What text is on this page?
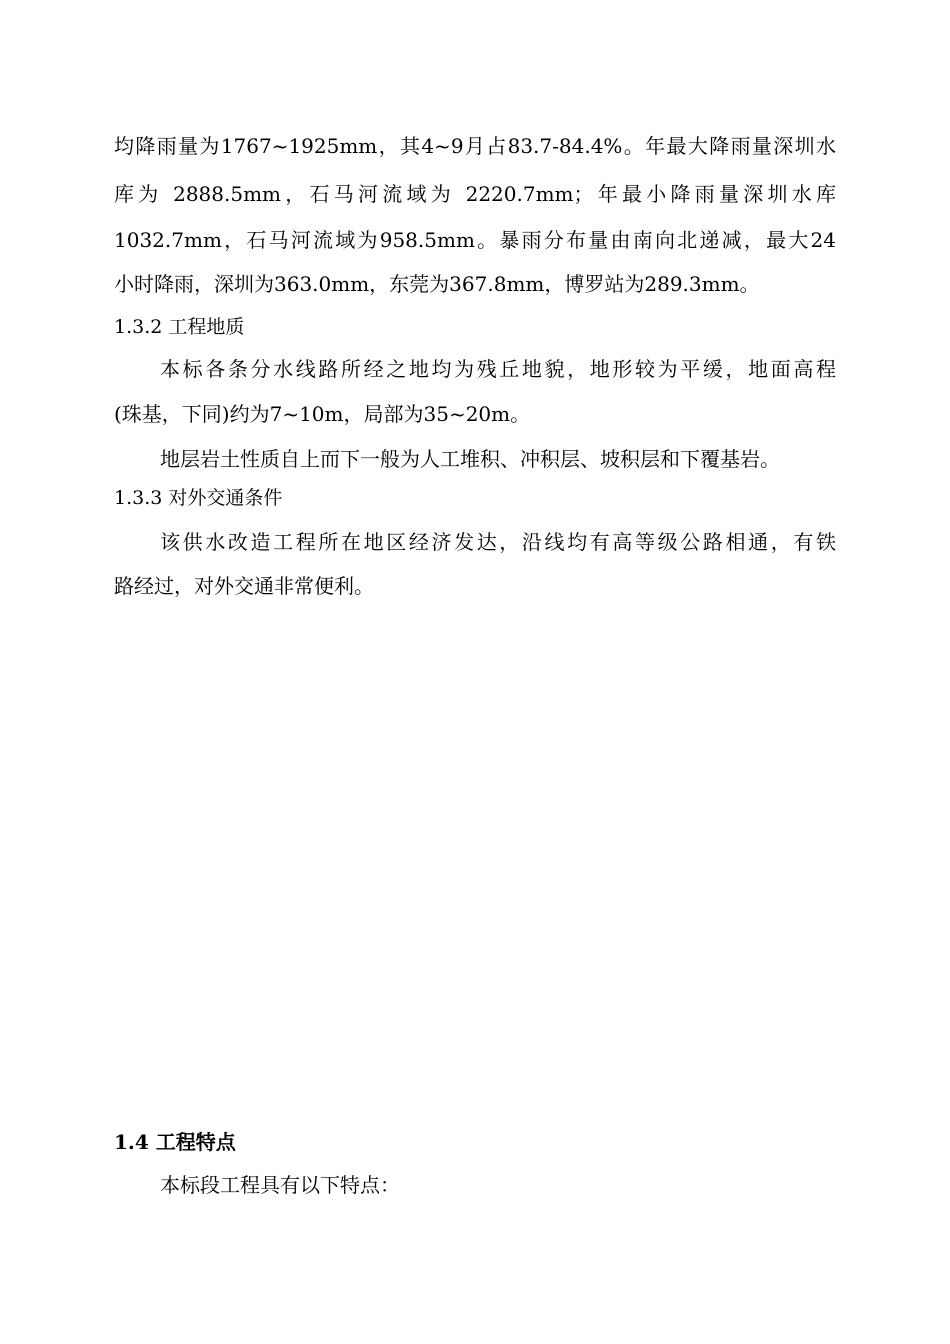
均降雨量为1767~1925mm，其4~9月占83.7-84.4%。年最大降雨量深圳水
库为 2888.5mm，石马河流域为 2220.7mm；年最小降雨量深圳水库
1032.7mm，石马河流域为958.5mm。暴雨分布量由南向北递减，最大24
小时降雨，深圳为363.0mm，东莞为367.8mm，博罗站为289.3mm。
1.3.2 工程地质
本标各条分水线路所经之地均为残丘地貌，地形较为平缓，地面高程
(珠基，下同)约为7~10m，局部为35~20m。
地层岩土性质自上而下一般为人工堆积、冲积层、坡积层和下覆基岩。
1.3.3 对外交通条件
该供水改造工程所在地区经济发达，沿线均有高等级公路相通，有铁
路经过，对外交通非常便利。
1.4 工程特点
本标段工程具有以下特点：
